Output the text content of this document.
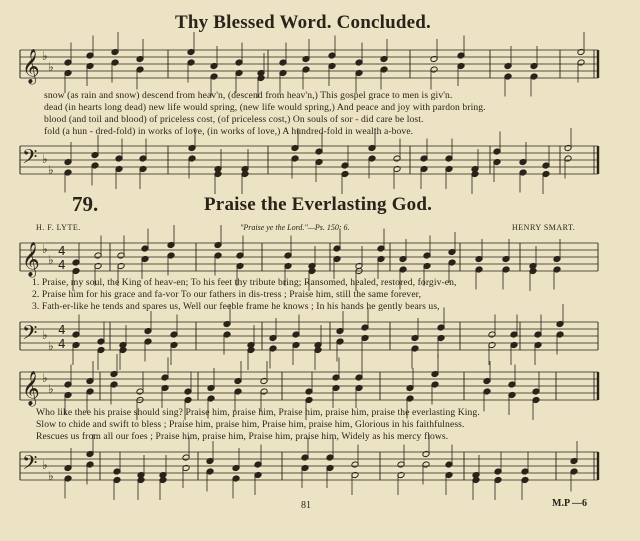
Thy Blessed Word. Concluded.
𝄞 ♭
♭
𝄢 ♭
♭
𝄞 ♭
♭
4
4
𝄢 ♭
♭
4
4
𝄞 ♭
♭
𝄢 ♭
♭
snow (as rain and snow) descend from heav'n, (descend from heav'n,) This gospel grace to men is giv'n.
dead (in hearts long dead) new life would spring, (new life would spring,) And peace and joy with pardon bring.
blood (and toil and blood) of priceless cost, (of priceless cost,) On souls of sor - did care be lost.
fold (a hun - dred-fold) in works of love, (in works of love,) A hundred-fold in wealth a-bove.
79.	Praise the Everlasting God.
H. F. LYTE.	"Praise ye the Lord."—Ps. 150: 6.	HENRY SMART.
1. Praise, my soul, the King of heav-en; To his feet thy tribute bring; Ransomed, healed, restored, forgiv-en,
2. Praise him for his grace and fa-vor To our fathers in dis-tress ; Praise him, still the same forever,
3. Fath-er-like he tends and spares us, Well our feeble frame he knows ; In his hands he gently bears us,
Who like thee his praise should sing? Praise him, praise him, Praise him, praise him, praise the everlasting King.
Slow to chide and swift to bless ; Praise him, praise him, Praise him, praise him, Glorious in his faithfulness.
Rescues us from all our foes ; Praise him, praise him, Praise him, praise him, Widely as his mercy flows.
81	M.P —6
